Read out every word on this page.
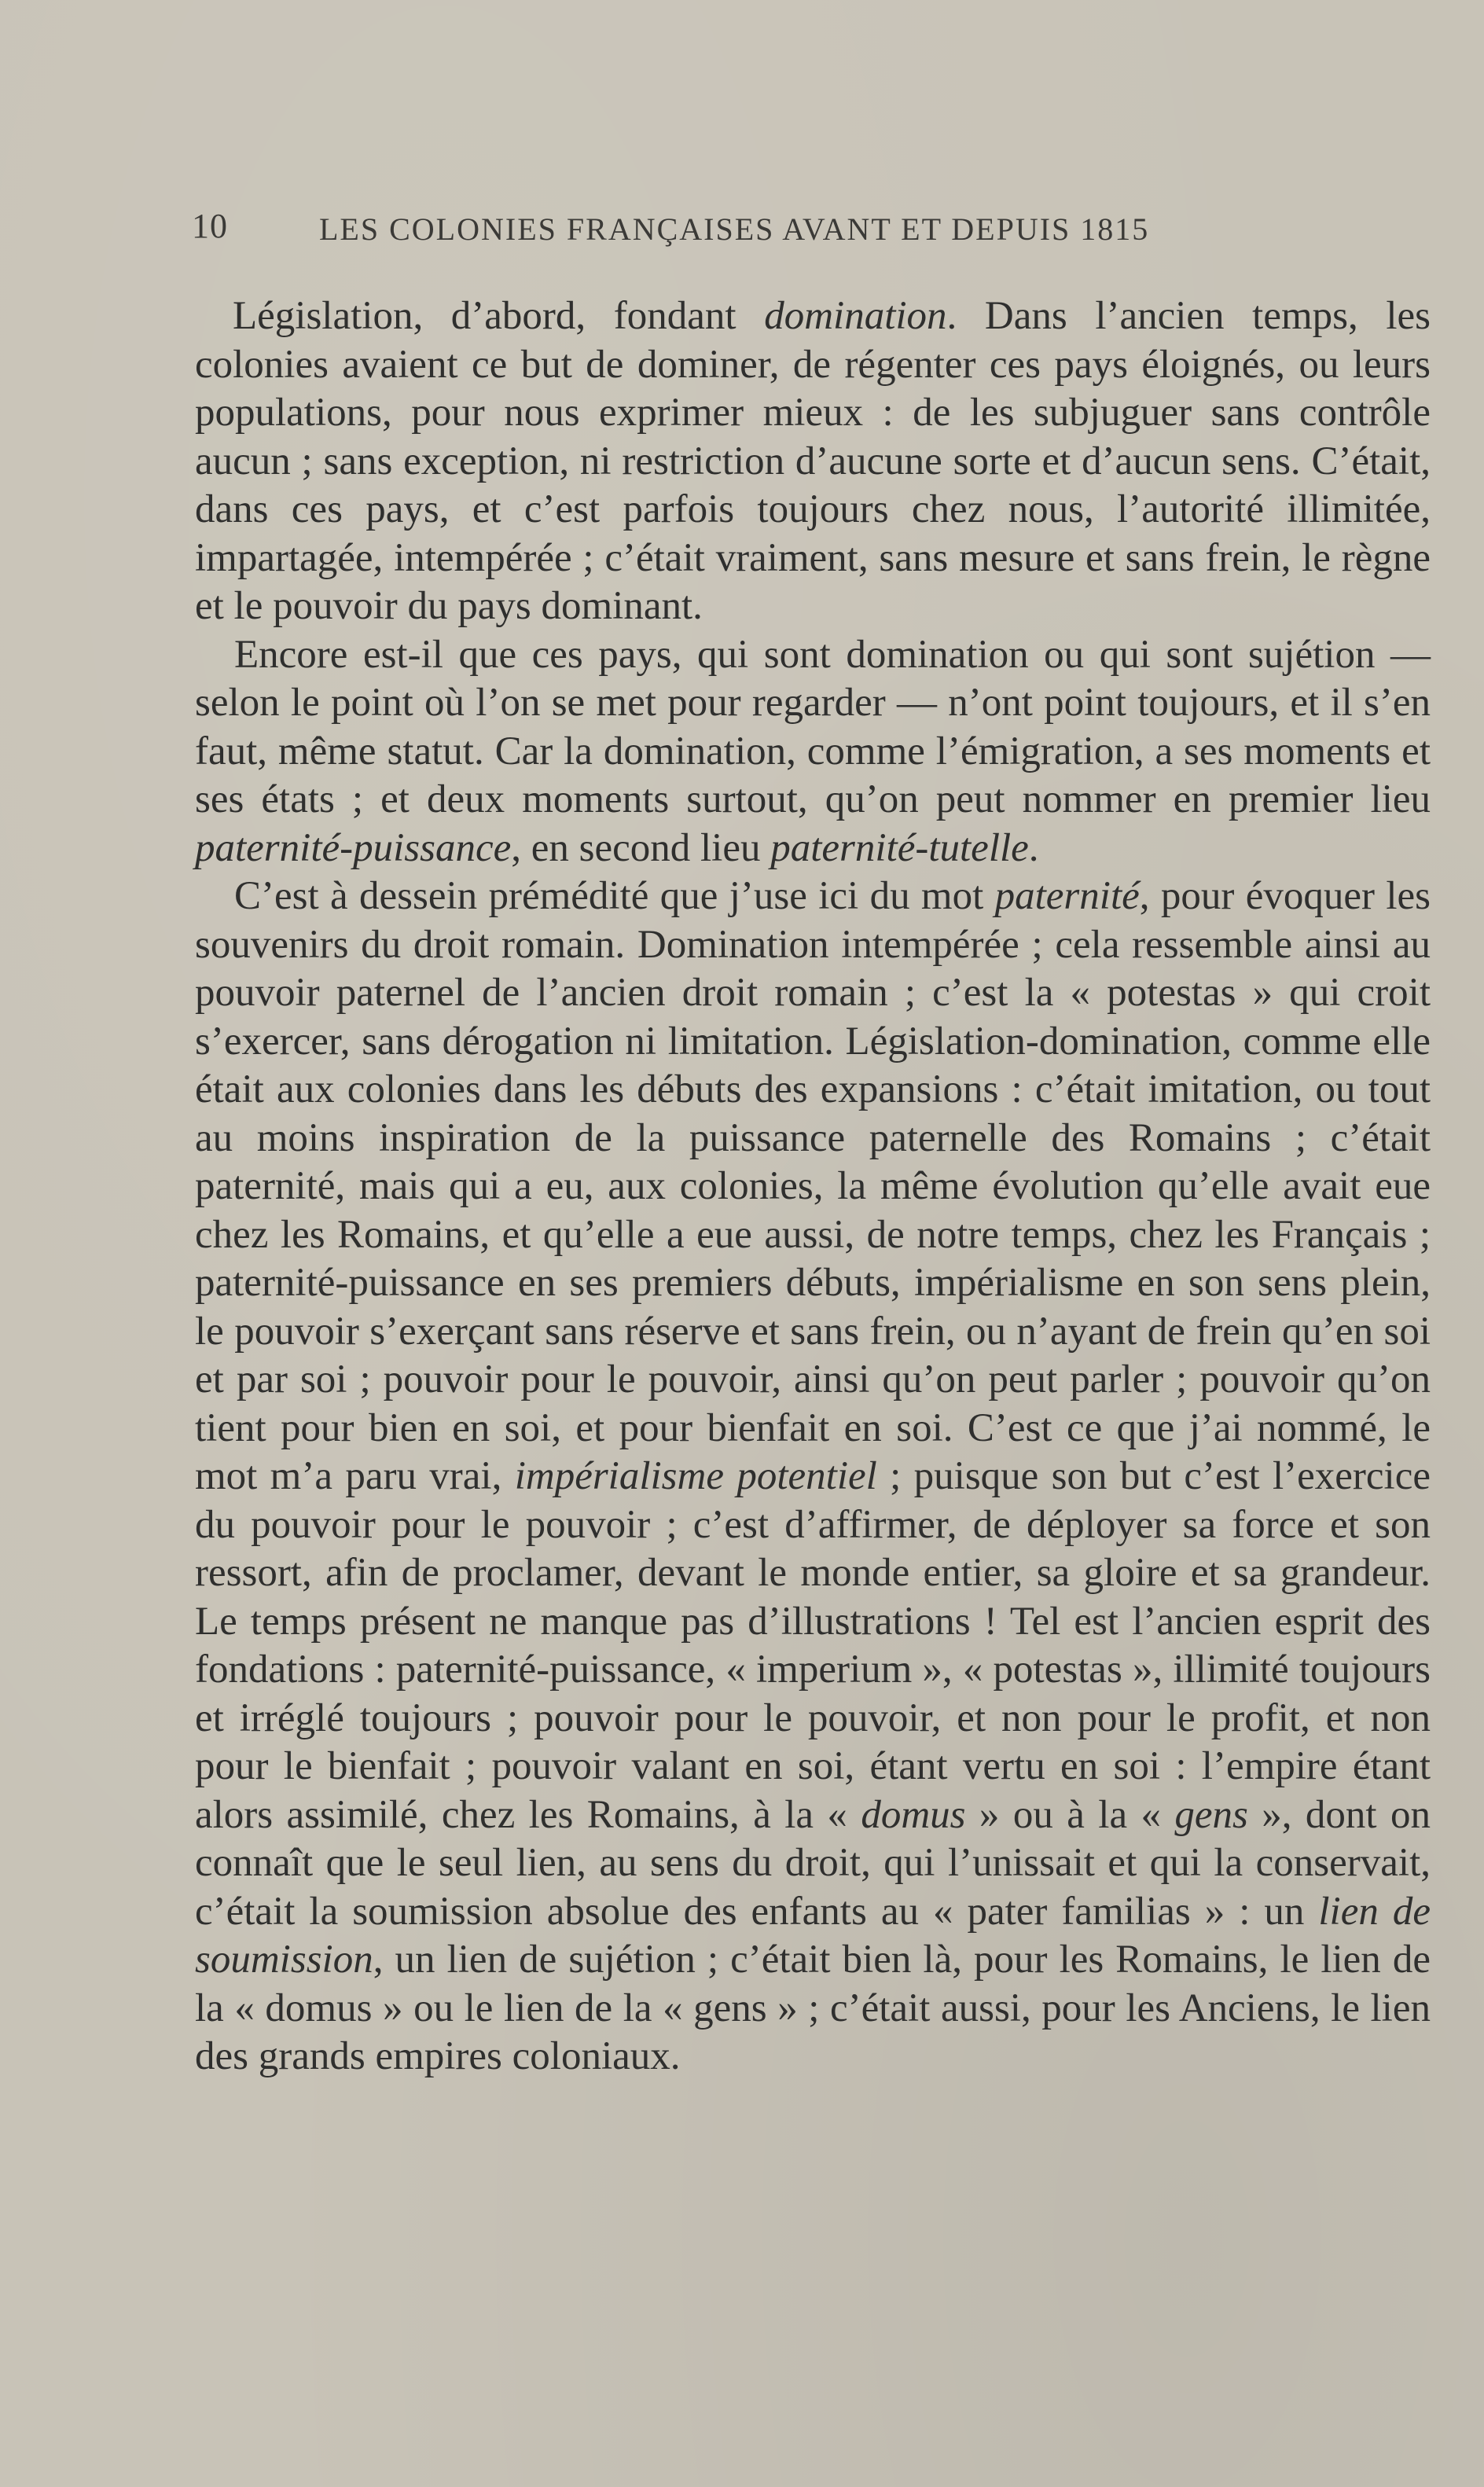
10	LES COLONIES FRANÇAISES AVANT ET DEPUIS 1815

Législation, d’abord, fondant domination. Dans l’ancien temps, les colonies avaient ce but de dominer, de régenter ces pays éloignés, ou leurs populations, pour nous exprimer mieux : de les subjuguer sans contrôle aucun ; sans exception, ni restriction d’aucune sorte et d’aucun sens. C’était, dans ces pays, et c’est parfois toujours chez nous, l’autorité illimitée, impartagée, intempérée ; c’était vraiment, sans mesure et sans frein, le règne et le pouvoir du pays dominant.

Encore est-il que ces pays, qui sont domination ou qui sont sujétion — selon le point où l’on se met pour regarder — n’ont point toujours, et il s’en faut, même statut. Car la domination, comme l’émigration, a ses moments et ses états ; et deux moments surtout, qu’on peut nommer en premier lieu paternité-puissance, en second lieu paternité-tutelle.

C’est à dessein prémédité que j’use ici du mot paternité, pour évoquer les souvenirs du droit romain. Domination intempérée ; cela ressemble ainsi au pouvoir paternel de l’ancien droit romain ; c’est la « potestas » qui croit s’exercer, sans dérogation ni limitation. Législation-domination, comme elle était aux colonies dans les débuts des expansions : c’était imitation, ou tout au moins inspiration de la puissance paternelle des Romains ; c’était paternité, mais qui a eu, aux colonies, la même évolution qu’elle avait eue chez les Romains, et qu’elle a eue aussi, de notre temps, chez les Français ; paternité-puissance en ses premiers débuts, impérialisme en son sens plein, le pouvoir s’exerçant sans réserve et sans frein, ou n’ayant de frein qu’en soi et par soi ; pouvoir pour le pouvoir, ainsi qu’on peut parler ; pouvoir qu’on tient pour bien en soi, et pour bienfait en soi. C’est ce que j’ai nommé, le mot m’a paru vrai, impérialisme potentiel ; puisque son but c’est l’exercice du pouvoir pour le pouvoir ; c’est d’affirmer, de déployer sa force et son ressort, afin de proclamer, devant le monde entier, sa gloire et sa grandeur. Le temps présent ne manque pas d’illustrations ! Tel est l’ancien esprit des fondations : paternité-puissance, « imperium », « potestas », illimité toujours et irréglé toujours ; pouvoir pour le pouvoir, et non pour le profit, et non pour le bienfait ; pouvoir valant en soi, étant vertu en soi : l’empire étant alors assimilé, chez les Romains, à la « domus » ou à la « gens », dont on connaît que le seul lien, au sens du droit, qui l’unissait et qui la conservait, c’était la soumission absolue des enfants au « pater familias » : un lien de soumission, un lien de sujétion ; c’était bien là, pour les Romains, le lien de la « domus » ou le lien de la « gens » ; c’était aussi, pour les Anciens, le lien des grands empires coloniaux.
